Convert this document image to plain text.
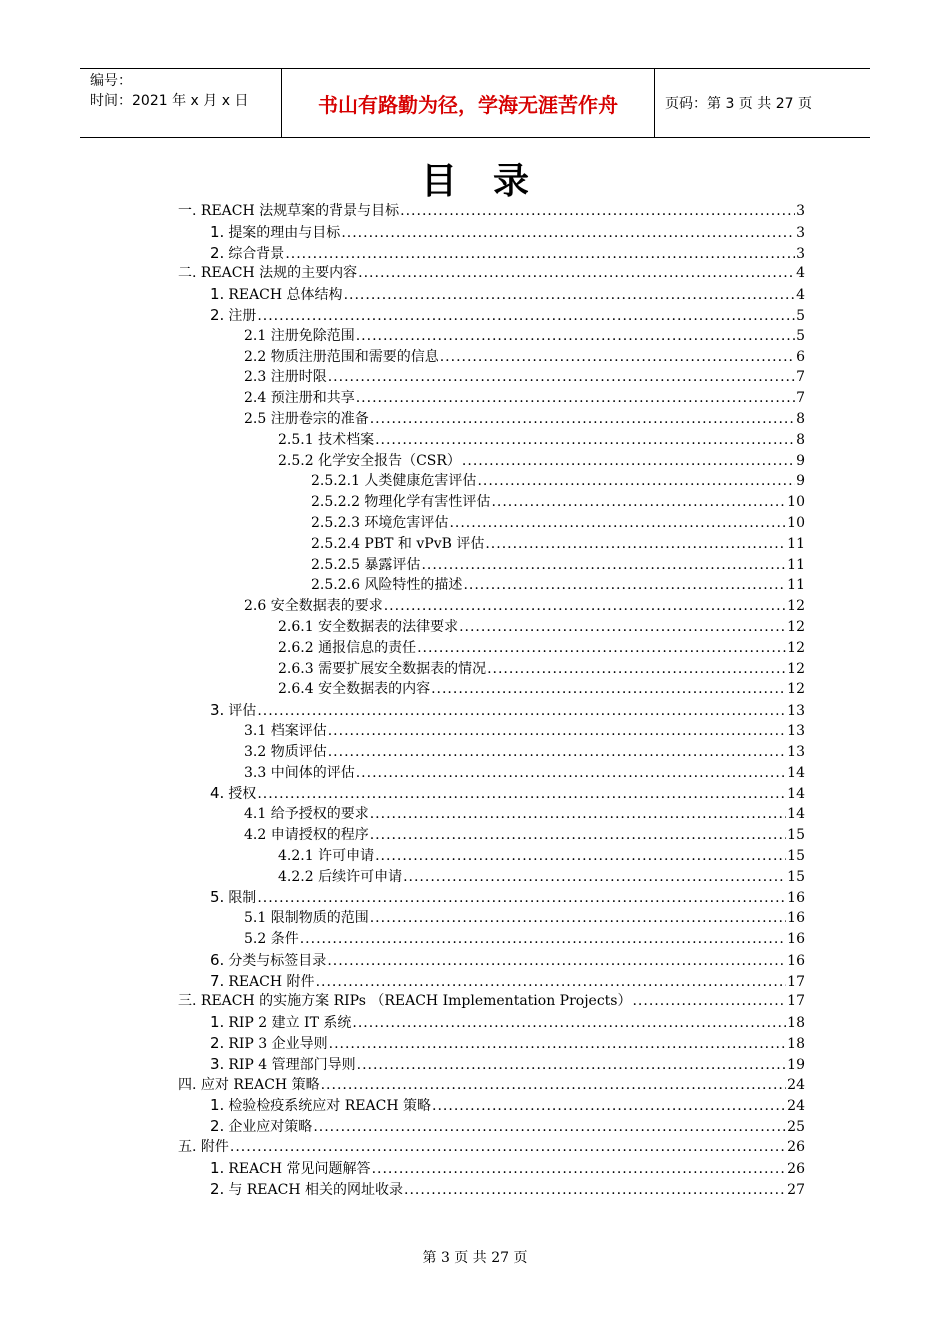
编号：
时间：2021 年 x 月 x 日	书山有路勤为径，学海无涯苦作舟	页码：第 3 页 共 27 页
目录
一. REACH 法规草案的背景与目标 .....	3
1. 提案的理由与目标 .....	3
2. 综合背景 .....	3
二. REACH 法规的主要内容 .....	4
1. REACH 总体结构 .....	4
2. 注册 .....	5
2.1 注册免除范围 .....	5
2.2 物质注册范围和需要的信息 .....	6
2.3 注册时限 .....	7
2.4 预注册和共享 .....	7
2.5 注册卷宗的准备 .....	8
2.5.1 技术档案 .....	8
2.5.2 化学安全报告（CSR） .....	9
2.5.2.1 人类健康危害评估 .....	9
2.5.2.2 物理化学有害性评估 .....	10
2.5.2.3 环境危害评估 .....	10
2.5.2.4 PBT 和 vPvB 评估 .....	11
2.5.2.5 暴露评估 .....	11
2.5.2.6 风险特性的描述 .....	11
2.6 安全数据表的要求 .....	12
2.6.1 安全数据表的法律要求 .....	12
2.6.2 通报信息的责任 .....	12
2.6.3 需要扩展安全数据表的情况 .....	12
2.6.4 安全数据表的内容 .....	12
3. 评估 .....	13
3.1 档案评估 .....	13
3.2 物质评估 .....	13
3.3 中间体的评估 .....	14
4. 授权 .....	14
4.1 给予授权的要求 .....	14
4.2 申请授权的程序 .....	15
4.2.1 许可申请 .....	15
4.2.2 后续许可申请 .....	15
5. 限制 .....	16
5.1 限制物质的范围 .....	16
5.2 条件 .....	16
6. 分类与标签目录 .....	16
7. REACH 附件 .....	17
三. REACH 的实施方案 RIPs （REACH Implementation Projects） .....	17
1. RIP 2 建立 IT 系统 .....	18
2. RIP 3 企业导则 .....	18
3. RIP 4 管理部门导则 .....	19
四. 应对 REACH 策略 .....	24
1. 检验检疫系统应对 REACH 策略 .....	24
2. 企业应对策略 .....	25
五. 附件 .....	26
1. REACH 常见问题解答 .....	26
2. 与 REACH 相关的网址收录 .....	27
第 3 页 共 27 页
